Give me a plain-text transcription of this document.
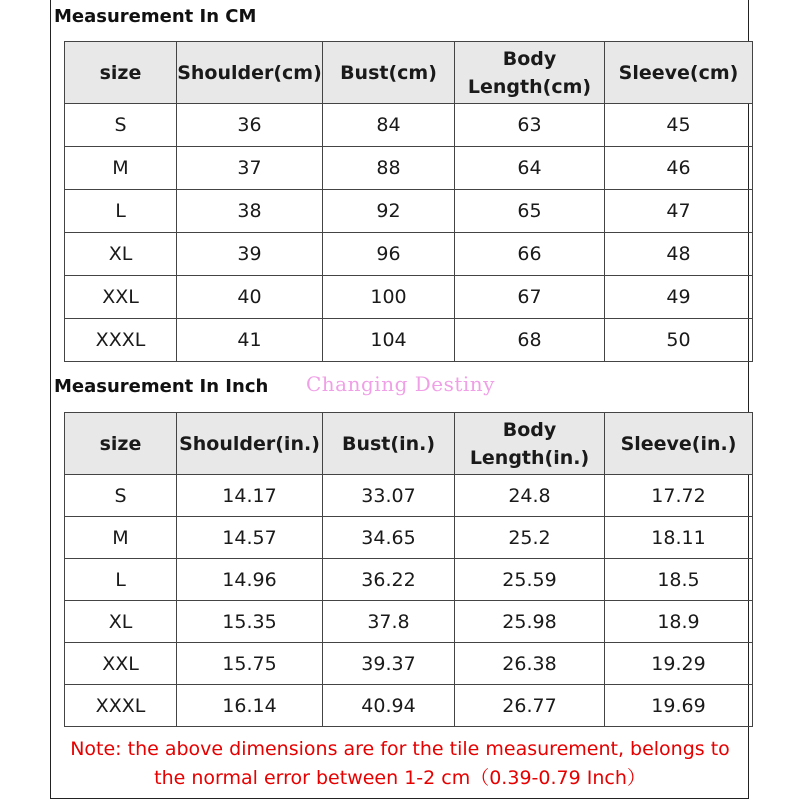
Measurement In CM
size	Shoulder(cm)	Bust(cm)	Body
Length(cm)	Sleeve(cm)
S	36	84	63	45
M	37	88	64	46
L	38	92	65	47
XL	39	96	66	48
XXL	40	100	67	49
XXXL	41	104	68	50
Measurement In Inch Changing Destiny
size	Shoulder(in.)	Bust(in.)	Body
Length(in.)	Sleeve(in.)
S	14.17	33.07	24.8	17.72
M	14.57	34.65	25.2	18.11
L	14.96	36.22	25.59	18.5
XL	15.35	37.8	25.98	18.9
XXL	15.75	39.37	26.38	19.29
XXXL	16.14	40.94	26.77	19.69
Note: the above dimensions are for the tile measurement, belongs to
the normal error between 1-2 cm（0.39-0.79 Inch）
